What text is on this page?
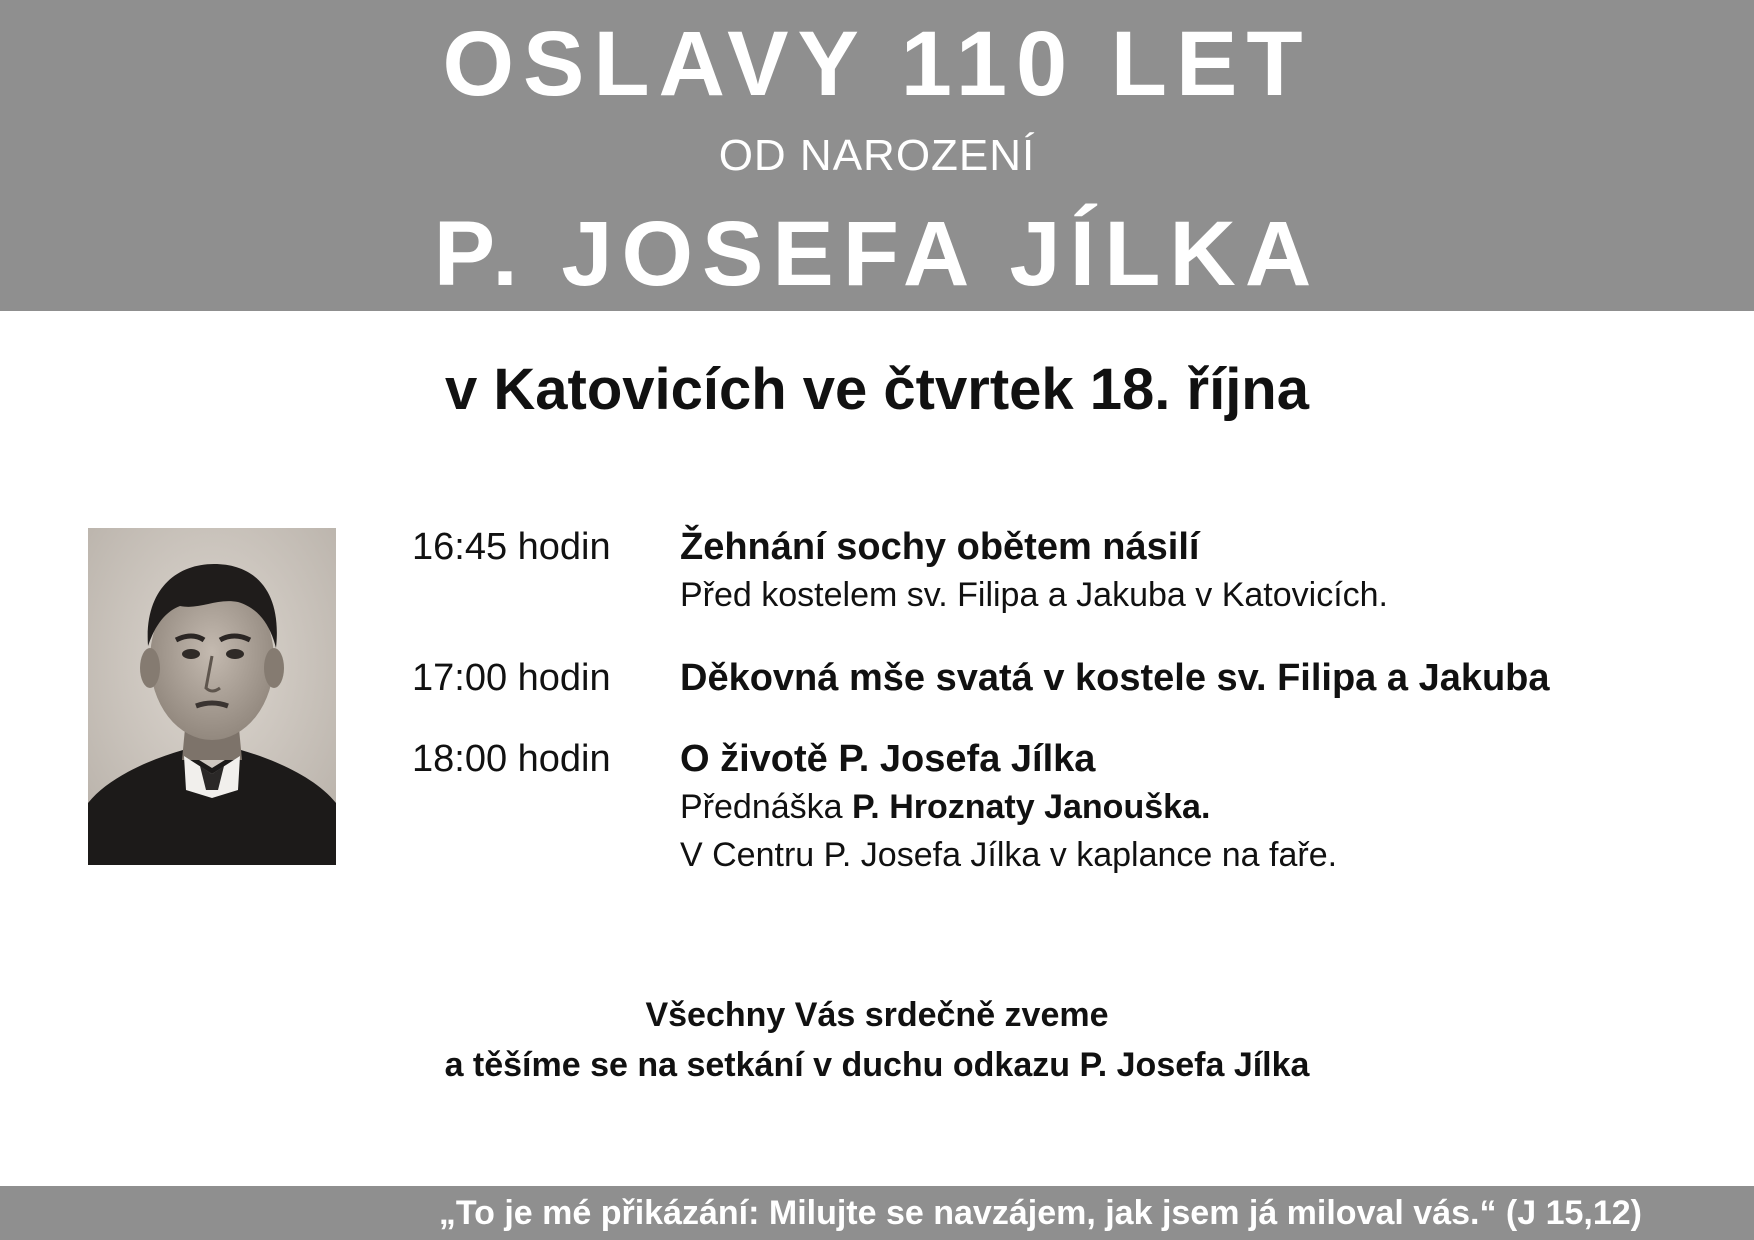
OSLAVY 110 LET
OD NAROZENÍ
P. JOSEFA JÍLKA
v Katovicích ve čtvrtek 18. října
16:45 hodin Žehnání sochy obětem násilí
Před kostelem sv. Filipa a Jakuba v Katovicích.
17:00 hodin Děkovná mše svatá v kostele sv. Filipa a Jakuba
18:00 hodin O životě P. Josefa Jílka
Přednáška P. Hroznaty Janouška.
V Centru P. Josefa Jílka v kaplance na faře.
Všechny Vás srdečně zveme
a těšíme se na setkání v duchu odkazu P. Josefa Jílka
„To je mé přikázání: Milujte se navzájem, jak jsem já miloval vás.“ (J 15,12)
